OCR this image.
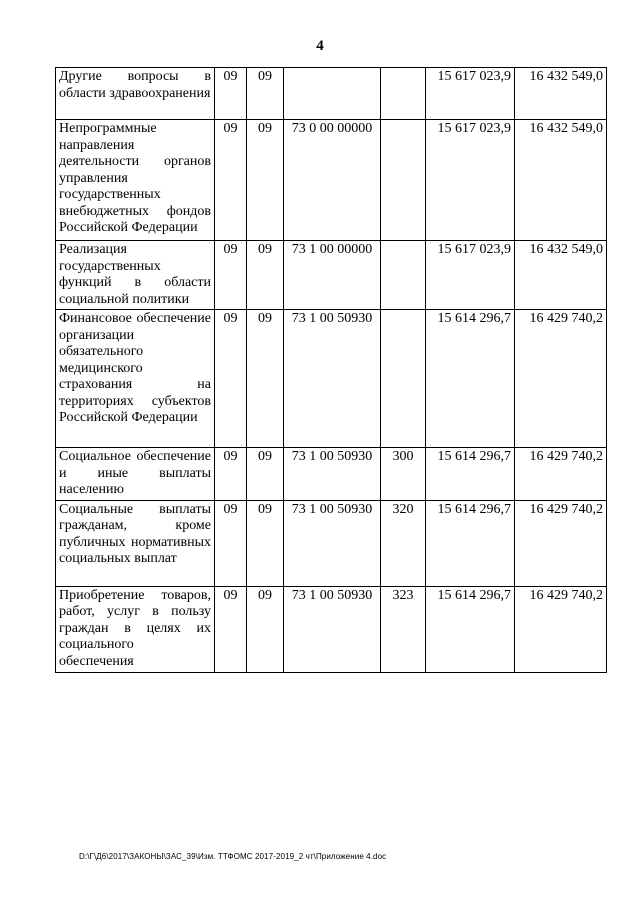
4
Другие вопросы в области здравоохранения	09	09			15 617 023,9	16 432 549,0
Непрограммные направления деятельности органов управления государственных внебюджетных фондов Российской Федерации	09	09	73 0 00 00000		15 617 023,9	16 432 549,0
Реализация государственных функций в области социальной политики	09	09	73 1 00 00000		15 617 023,9	16 432 549,0
Финансовое обеспечение организации обязательного медицинского страхования на территориях субъектов Российской Федерации	09	09	73 1 00 50930		15 614 296,7	16 429 740,2
Социальное обеспечение и иные выплаты населению	09	09	73 1 00 50930	300	15 614 296,7	16 429 740,2
Социальные выплаты гражданам, кроме публичных нормативных социальных выплат	09	09	73 1 00 50930	320	15 614 296,7	16 429 740,2
Приобретение товаров, работ, услуг в пользу граждан в целях их социального обеспечения	09	09	73 1 00 50930	323	15 614 296,7	16 429 740,2
D:\Г\Д6\2017\ЗАКОНЫ\ЗАС_39\Изм. ТТФОМС 2017-2019_2 чт\Приложение 4.doc
